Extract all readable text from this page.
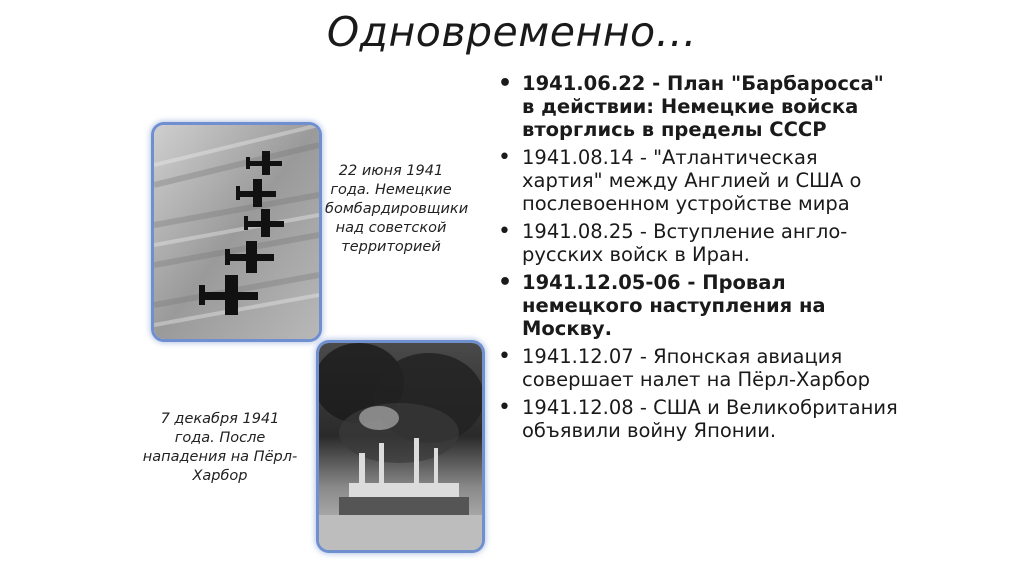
Одновременно…
22 июня 1941 года. Немецкие бомбардировщики над советской территорией
7 декабря 1941 года. После нападения на Пёрл-Харбор
• 1941.06.22 - План "Барбаросса" в действии: Немецкие войска вторглись в пределы СССР
• 1941.08.14 - "Атлантическая хартия" между Англией и США о послевоенном устройстве мира
• 1941.08.25 - Вступление англо-русских войск в Иран.
• 1941.12.05-06 - Провал немецкого наступления на Москву.
• 1941.12.07 - Японская авиация совершает налет на Пёрл-Харбор
• 1941.12.08 - США и Великобритания объявили войну Японии.
